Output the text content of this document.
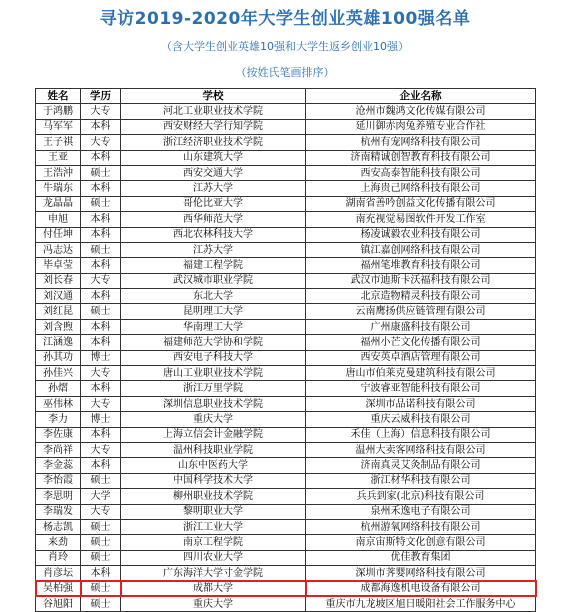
寻访2019-2020年大学生创业英雄100强名单
（含大学生创业英雄10强和大学生返乡创业10强）
（按姓氏笔画排序）
姓名	学历	学校	企业名称
于鸿鹏	大专	河北工业职业技术学院	沧州市魏鸿文化传媒有限公司
马军军	本科	西安财经大学行知学院	延川御赤肉兔养殖专业合作社
王子祺	大专	浙江经济职业技术学院	杭州有宠网络科技有限公司
王亚	本科	山东建筑大学	济南精诚创智教育科技有限公司
王浩沖	硕士	西安交通大学	西安高泰智能科技有限公司
牛瑞东	本科	江苏大学	上海贵己网络科技有限公司
龙晶晶	硕士	哥伦比亚大学	湖南省善吟创益文化传播有限公司
申旭	本科	西华师范大学	南充视觉易图软件开发工作室
付任坤	本科	西北农林科技大学	杨凌诚毅农业科技有限公司
冯志达	硕士	江苏大学	镇江嘉创网络科技有限公司
毕卓莹	本科	福建工程学院	福州笔堆教育科技有限公司
刘长春	大专	武汉城市职业学院	武汉市迪斯卡沃福科技有限公司
刘汉通	本科	东北大学	北京造物精灵科技有限公司
刘红昆	硕士	昆明理工大学	云南鹰扬供应链管理有限公司
刘含煦	本科	华南理工大学	广州康盛科技有限公司
江涵逸	本科	福建师范大学协和学院	福州小芒文化传播有限公司
孙其功	博士	西安电子科技大学	西安英卓酒店管理有限公司
孙佳兴	大专	唐山工业职业技术学院	唐山市伯莱克曼建筑科技有限公司
孙熠	本科	浙江万里学院	宁波睿亚智能科技有限公司
巫伟林	大专	深圳信息职业技术学院	深圳市品诺科技有限公司
李力	博士	重庆大学	重庆云威科技有限公司
李佐康	本科	上海立信会计金融学院	禾佳（上海）信息科技有限公司
李尚祥	大专	温州科技职业学院	温州大卖客网络科技有限公司
李金蕊	本科	山东中医药大学	济南真灵艾灸制品有限公司
李怡霞	硕士	中国科学技术大学	浙江材华科技有限公司
李思明	大学	柳州职业技术学院	兵兵到家(北京)科技有限公司
李瑞发	大专	黎明职业大学	泉州禾逸电子有限公司
杨志凯	硕士	浙江工业大学	杭州游氧网络科技有限公司
来劲	硕士	南京工程学院	南京宙斯特文化创意有限公司
肖玲	硕士	四川农业大学	优佳教育集团
肖彦坛	本科	广东海洋大学寸金学院	深圳市荠婴网络科技有限公司
吴柏强	硕士	成都大学	成都海逸机电设备有限公司
谷旭阳	硕士	重庆大学	重庆市九龙坡区旭日暖阳社会工作服务中心
